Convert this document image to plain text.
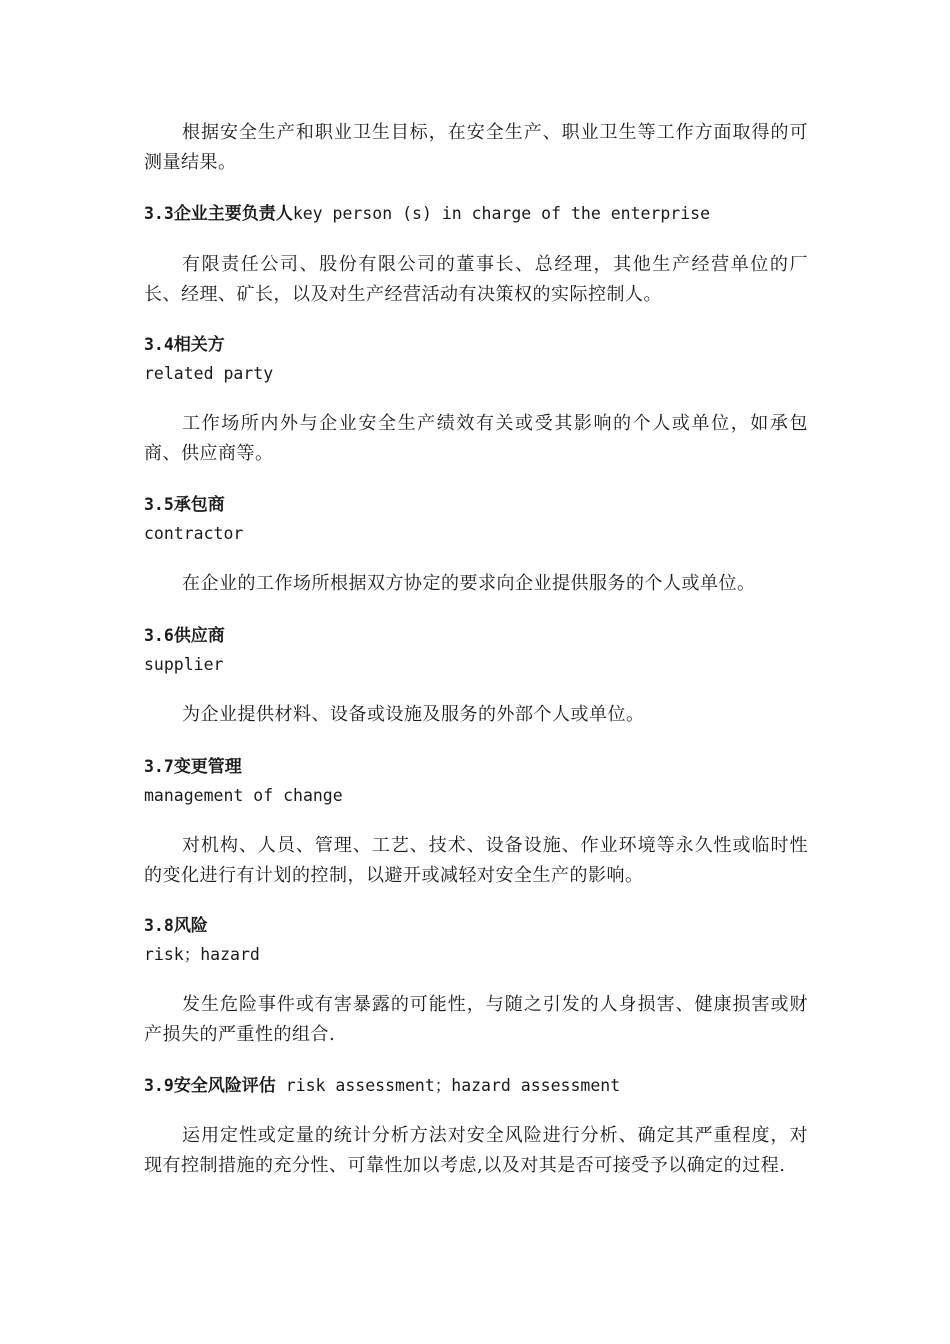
根据安全生产和职业卫生目标，在安全生产、职业卫生等工作方面取得的可测量结果。

3.3企业主要负责人key person (s) in charge of the enterprise

有限责任公司、股份有限公司的董事长、总经理，其他生产经营单位的厂长、经理、矿长，以及对生产经营活动有决策权的实际控制人。

3.4相关方
related party

工作场所内外与企业安全生产绩效有关或受其影响的个人或单位，如承包商、供应商等。

3.5承包商
contractor

在企业的工作场所根据双方协定的要求向企业提供服务的个人或单位。

3.6供应商
supplier

为企业提供材料、设备或设施及服务的外部个人或单位。

3.7变更管理
management of change

对机构、人员、管理、工艺、技术、设备设施、作业环境等永久性或临时性的变化进行有计划的控制，以避开或减轻对安全生产的影响。

3.8风险
risk；hazard

发生危险事件或有害暴露的可能性，与随之引发的人身损害、健康损害或财产损失的严重性的组合.

3.9安全风险评估 risk assessment；hazard assessment

运用定性或定量的统计分析方法对安全风险进行分析、确定其严重程度，对现有控制措施的充分性、可靠性加以考虑,以及对其是否可接受予以确定的过程.
